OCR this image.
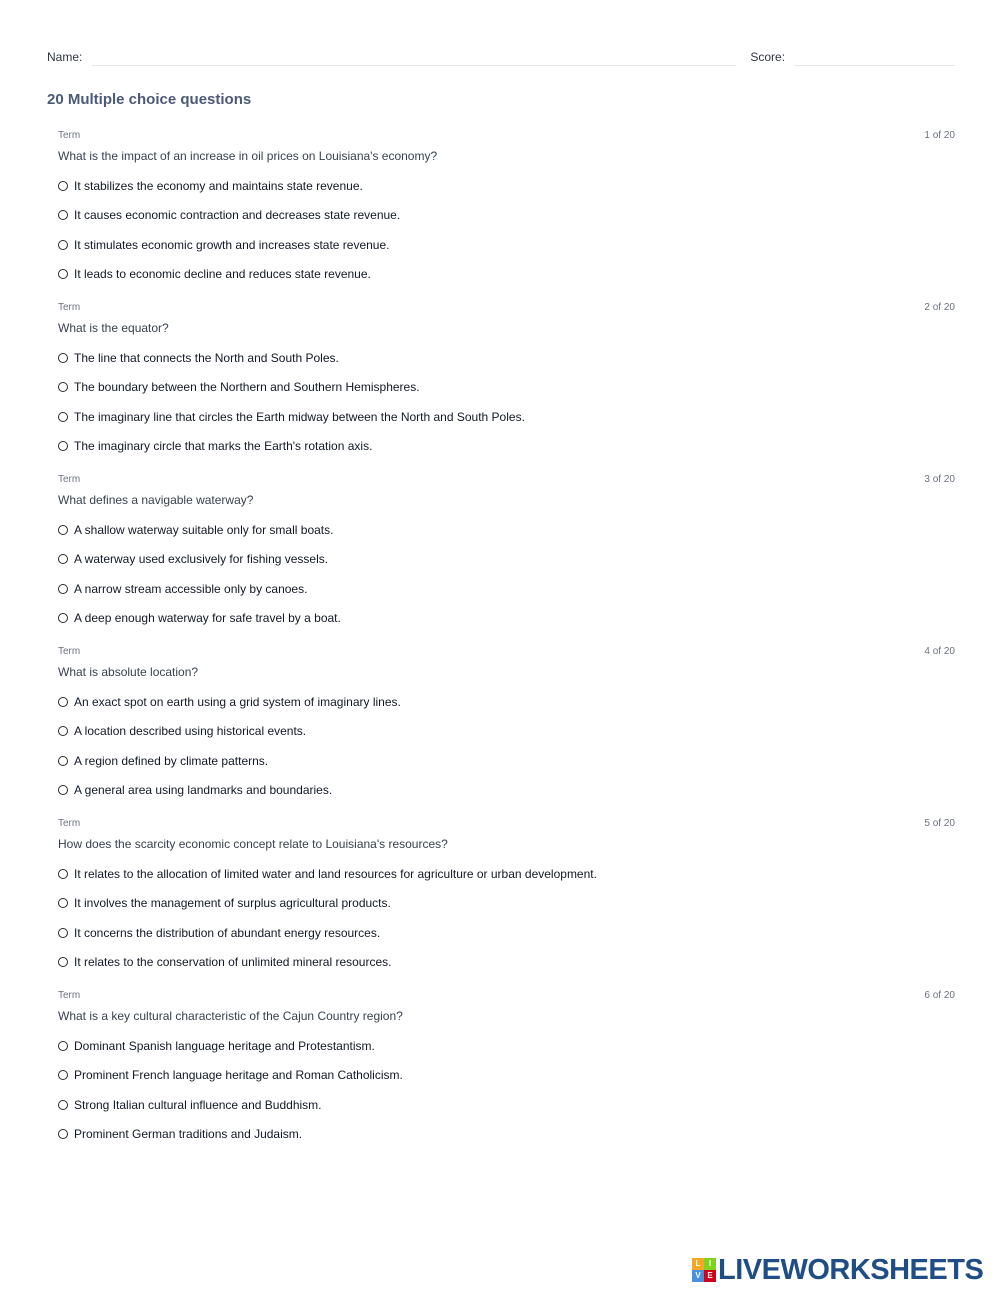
Name:	Score:
20 Multiple choice questions
Term	1 of 20
What is the impact of an increase in oil prices on Louisiana's economy?
It stabilizes the economy and maintains state revenue.
It causes economic contraction and decreases state revenue.
It stimulates economic growth and increases state revenue.
It leads to economic decline and reduces state revenue.
Term	2 of 20
What is the equator?
The line that connects the North and South Poles.
The boundary between the Northern and Southern Hemispheres.
The imaginary line that circles the Earth midway between the North and South Poles.
The imaginary circle that marks the Earth's rotation axis.
Term	3 of 20
What defines a navigable waterway?
A shallow waterway suitable only for small boats.
A waterway used exclusively for fishing vessels.
A narrow stream accessible only by canoes.
A deep enough waterway for safe travel by a boat.
Term	4 of 20
What is absolute location?
An exact spot on earth using a grid system of imaginary lines.
A location described using historical events.
A region defined by climate patterns.
A general area using landmarks and boundaries.
Term	5 of 20
How does the scarcity economic concept relate to Louisiana's resources?
It relates to the allocation of limited water and land resources for agriculture or urban development.
It involves the management of surplus agricultural products.
It concerns the distribution of abundant energy resources.
It relates to the conservation of unlimited mineral resources.
Term	6 of 20
What is a key cultural characteristic of the Cajun Country region?
Dominant Spanish language heritage and Protestantism.
Prominent French language heritage and Roman Catholicism.
Strong Italian cultural influence and Buddhism.
Prominent German traditions and Judaism.
L	I
V E LIVEWORKSHEETS
